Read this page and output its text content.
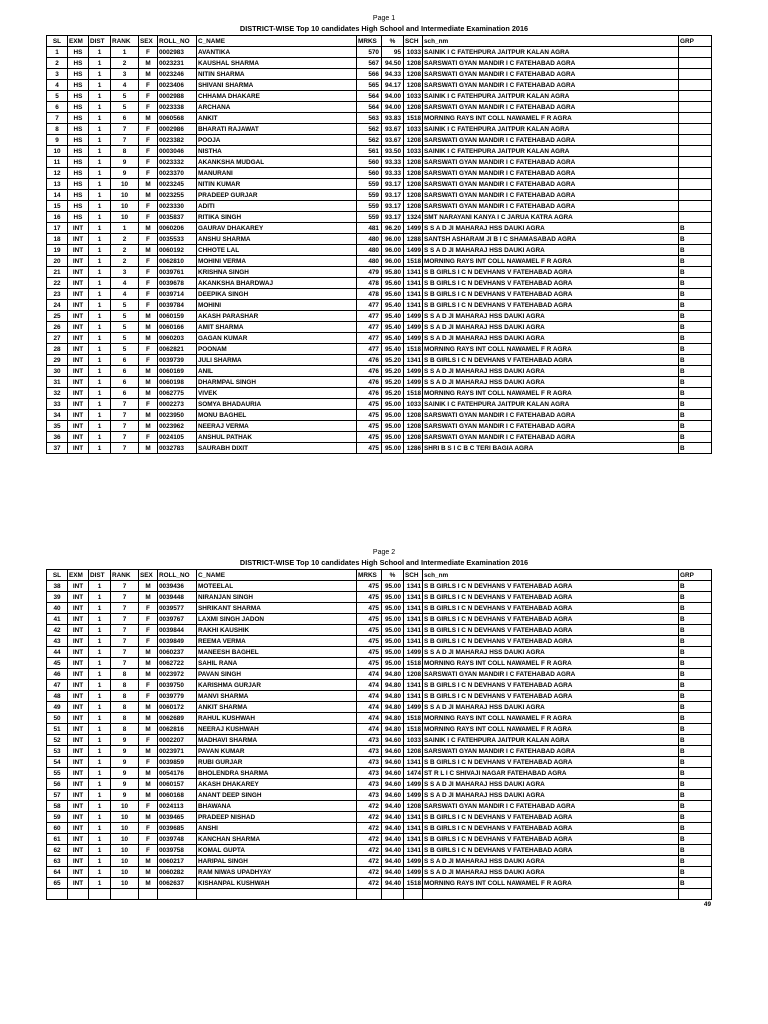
Page 1
DISTRICT-WISE Top 10 candidates High School and Intermediate Examination 2016
SL	EXM	DIST	RANK	SEX	ROLL_NO	C_NAME	MRKS	%	SCH	sch_nm	GRP
1	HS	1	1	F	0002983	AVANTIKA	570	95	1033	SAINIK I C FATEHPURA JAITPUR KALAN AGRA	
2	HS	1	2	M	0023231	KAUSHAL SHARMA	567	94.50	1208	SARSWATI GYAN MANDIR I C FATEHABAD AGRA	
3	HS	1	3	M	0023246	NITIN SHARMA	566	94.33	1208	SARSWATI GYAN MANDIR I C FATEHABAD AGRA	
4	HS	1	4	F	0023406	SHIVANI SHARMA	565	94.17	1208	SARSWATI GYAN MANDIR I C FATEHABAD AGRA	
5	HS	1	5	F	0002988	CHHAMA DHAKARE	564	94.00	1033	SAINIK I C FATEHPURA JAITPUR KALAN AGRA	
6	HS	1	5	F	0023338	ARCHANA	564	94.00	1208	SARSWATI GYAN MANDIR I C FATEHABAD AGRA	
7	HS	1	6	M	0060568	ANKIT	563	93.83	1518	MORNING RAYS INT COLL NAWAMEL F R AGRA	
8	HS	1	7	F	0002986	BHARATI RAJAWAT	562	93.67	1033	SAINIK I C FATEHPURA JAITPUR KALAN AGRA	
9	HS	1	7	F	0023382	POOJA	562	93.67	1208	SARSWATI GYAN MANDIR I C FATEHABAD AGRA	
10	HS	1	8	F	0003046	NISTHA	561	93.50	1033	SAINIK I C FATEHPURA JAITPUR KALAN AGRA	
11	HS	1	9	F	0023332	AKANKSHA MUDGAL	560	93.33	1208	SARSWATI GYAN MANDIR I C FATEHABAD AGRA	
12	HS	1	9	F	0023370	MANURANI	560	93.33	1208	SARSWATI GYAN MANDIR I C FATEHABAD AGRA	
13	HS	1	10	M	0023245	NITIN KUMAR	559	93.17	1208	SARSWATI GYAN MANDIR I C FATEHABAD AGRA	
14	HS	1	10	M	0023255	PRADEEP GURJAR	559	93.17	1208	SARSWATI GYAN MANDIR I C FATEHABAD AGRA	
15	HS	1	10	F	0023330	ADITI	559	93.17	1208	SARSWATI GYAN MANDIR I C FATEHABAD AGRA	
16	HS	1	10	F	0035837	RITIKA SINGH	559	93.17	1324	SMT NARAYANI KANYA I C JARUA KATRA AGRA	
17	INT	1	1	M	0060206	GAURAV DHAKAREY	481	96.20	1499	S S A D JI MAHARAJ HSS DAUKI AGRA	B
18	INT	1	2	F	0035533	ANSHU SHARMA	480	96.00	1288	SANTSH ASHARAM JI B I C SHAMASABAD AGRA	B
19	INT	1	2	M	0060192	CHHOTE LAL	480	96.00	1499	S S A D JI MAHARAJ HSS DAUKI AGRA	B
20	INT	1	2	F	0062810	MOHINI VERMA	480	96.00	1518	MORNING RAYS INT COLL NAWAMEL F R AGRA	B
21	INT	1	3	F	0039761	KRISHNA SINGH	479	95.80	1341	S B GIRLS I C N DEVHANS V FATEHABAD AGRA	B
22	INT	1	4	F	0039678	AKANKSHA BHARDWAJ	478	95.60	1341	S B GIRLS I C N DEVHANS V FATEHABAD AGRA	B
23	INT	1	4	F	0039714	DEEPIKA SINGH	478	95.60	1341	S B GIRLS I C N DEVHANS V FATEHABAD AGRA	B
24	INT	1	5	F	0039784	MOHINI	477	95.40	1341	S B GIRLS I C N DEVHANS V FATEHABAD AGRA	B
25	INT	1	5	M	0060159	AKASH PARASHAR	477	95.40	1499	S S A D JI MAHARAJ HSS DAUKI AGRA	B
26	INT	1	5	M	0060166	AMIT SHARMA	477	95.40	1499	S S A D JI MAHARAJ HSS DAUKI AGRA	B
27	INT	1	5	M	0060203	GAGAN KUMAR	477	95.40	1499	S S A D JI MAHARAJ HSS DAUKI AGRA	B
28	INT	1	5	F	0062821	POONAM	477	95.40	1518	MORNING RAYS INT COLL NAWAMEL F R AGRA	B
29	INT	1	6	F	0039739	JULI SHARMA	476	95.20	1341	S B GIRLS I C N DEVHANS V FATEHABAD AGRA	B
30	INT	1	6	M	0060169	ANIL	476	95.20	1499	S S A D JI MAHARAJ HSS DAUKI AGRA	B
31	INT	1	6	M	0060198	DHARMPAL SINGH	476	95.20	1499	S S A D JI MAHARAJ HSS DAUKI AGRA	B
32	INT	1	6	M	0062775	VIVEK	476	95.20	1518	MORNING RAYS INT COLL NAWAMEL F R AGRA	B
33	INT	1	7	F	0002273	SOMYA BHADAURIA	475	95.00	1033	SAINIK I C FATEHPURA JAITPUR KALAN AGRA	B
34	INT	1	7	M	0023950	MONU BAGHEL	475	95.00	1208	SARSWATI GYAN MANDIR I C FATEHABAD AGRA	B
35	INT	1	7	M	0023962	NEERAJ VERMA	475	95.00	1208	SARSWATI GYAN MANDIR I C FATEHABAD AGRA	B
36	INT	1	7	F	0024105	ANSHUL PATHAK	475	95.00	1208	SARSWATI GYAN MANDIR I C FATEHABAD AGRA	B
37	INT	1	7	M	0032783	SAURABH DIXIT	475	95.00	1286	SHRI B S I C B C TERI BAGIA AGRA	B
Page 2
DISTRICT-WISE Top 10 candidates High School and Intermediate Examination 2016
SL	EXM	DIST	RANK	SEX	ROLL_NO	C_NAME	MRKS	%	SCH	sch_nm	GRP
38	INT	1	7	M	0039436	MOTEELAL	475	95.00	1341	S B GIRLS I C N DEVHANS V FATEHABAD AGRA	B
39	INT	1	7	M	0039448	NIRANJAN SINGH	475	95.00	1341	S B GIRLS I C N DEVHANS V FATEHABAD AGRA	B
40	INT	1	7	F	0039577	SHRIKANT SHARMA	475	95.00	1341	S B GIRLS I C N DEVHANS V FATEHABAD AGRA	B
41	INT	1	7	F	0039767	LAXMI SINGH JADON	475	95.00	1341	S B GIRLS I C N DEVHANS V FATEHABAD AGRA	B
42	INT	1	7	F	0039844	RAKHI KAUSHIK	475	95.00	1341	S B GIRLS I C N DEVHANS V FATEHABAD AGRA	B
43	INT	1	7	F	0039849	REEMA VERMA	475	95.00	1341	S B GIRLS I C N DEVHANS V FATEHABAD AGRA	B
44	INT	1	7	M	0060237	MANEESH BAGHEL	475	95.00	1499	S S A D JI MAHARAJ HSS DAUKI AGRA	B
45	INT	1	7	M	0062722	SAHIL RANA	475	95.00	1518	MORNING RAYS INT COLL NAWAMEL F R AGRA	B
46	INT	1	8	M	0023972	PAVAN SINGH	474	94.80	1208	SARSWATI GYAN MANDIR I C FATEHABAD AGRA	B
47	INT	1	8	F	0039750	KARISHMA GURJAR	474	94.80	1341	S B GIRLS I C N DEVHANS V FATEHABAD AGRA	B
48	INT	1	8	F	0039779	MANVI SHARMA	474	94.80	1341	S B GIRLS I C N DEVHANS V FATEHABAD AGRA	B
49	INT	1	8	M	0060172	ANKIT SHARMA	474	94.80	1499	S S A D JI MAHARAJ HSS DAUKI AGRA	B
50	INT	1	8	M	0062689	RAHUL KUSHWAH	474	94.80	1518	MORNING RAYS INT COLL NAWAMEL F R AGRA	B
51	INT	1	8	M	0062816	NEERAJ KUSHWAH	474	94.80	1518	MORNING RAYS INT COLL NAWAMEL F R AGRA	B
52	INT	1	9	F	0002207	MADHAVI SHARMA	473	94.60	1033	SAINIK I C FATEHPURA JAITPUR KALAN AGRA	B
53	INT	1	9	M	0023971	PAVAN KUMAR	473	94.60	1208	SARSWATI GYAN MANDIR I C FATEHABAD AGRA	B
54	INT	1	9	F	0039859	RUBI GURJAR	473	94.60	1341	S B GIRLS I C N DEVHANS V FATEHABAD AGRA	B
55	INT	1	9	M	0054176	BHOLENDRA SHARMA	473	94.60	1474	ST R L I C SHIVAJI NAGAR FATEHABAD AGRA	B
56	INT	1	9	M	0060157	AKASH DHAKAREY	473	94.60	1499	S S A D JI MAHARAJ HSS DAUKI AGRA	B
57	INT	1	9	M	0060168	ANANT DEEP SINGH	473	94.60	1499	S S A D JI MAHARAJ HSS DAUKI AGRA	B
58	INT	1	10	F	0024113	BHAWANA	472	94.40	1208	SARSWATI GYAN MANDIR I C FATEHABAD AGRA	B
59	INT	1	10	M	0039465	PRADEEP NISHAD	472	94.40	1341	S B GIRLS I C N DEVHANS V FATEHABAD AGRA	B
60	INT	1	10	F	0039685	ANSHI	472	94.40	1341	S B GIRLS I C N DEVHANS V FATEHABAD AGRA	B
61	INT	1	10	F	0039748	KANCHAN SHARMA	472	94.40	1341	S B GIRLS I C N DEVHANS V FATEHABAD AGRA	B
62	INT	1	10	F	0039758	KOMAL GUPTA	472	94.40	1341	S B GIRLS I C N DEVHANS V FATEHABAD AGRA	B
63	INT	1	10	M	0060217	HARIPAL SINGH	472	94.40	1499	S S A D JI MAHARAJ HSS DAUKI AGRA	B
64	INT	1	10	M	0060282	RAM NIWAS UPADHYAY	472	94.40	1499	S S A D JI MAHARAJ HSS DAUKI AGRA	B
65	INT	1	10	M	0062637	KISHANPAL KUSHWAH	472	94.40	1518	MORNING RAYS INT COLL NAWAMEL F R AGRA	B

49
